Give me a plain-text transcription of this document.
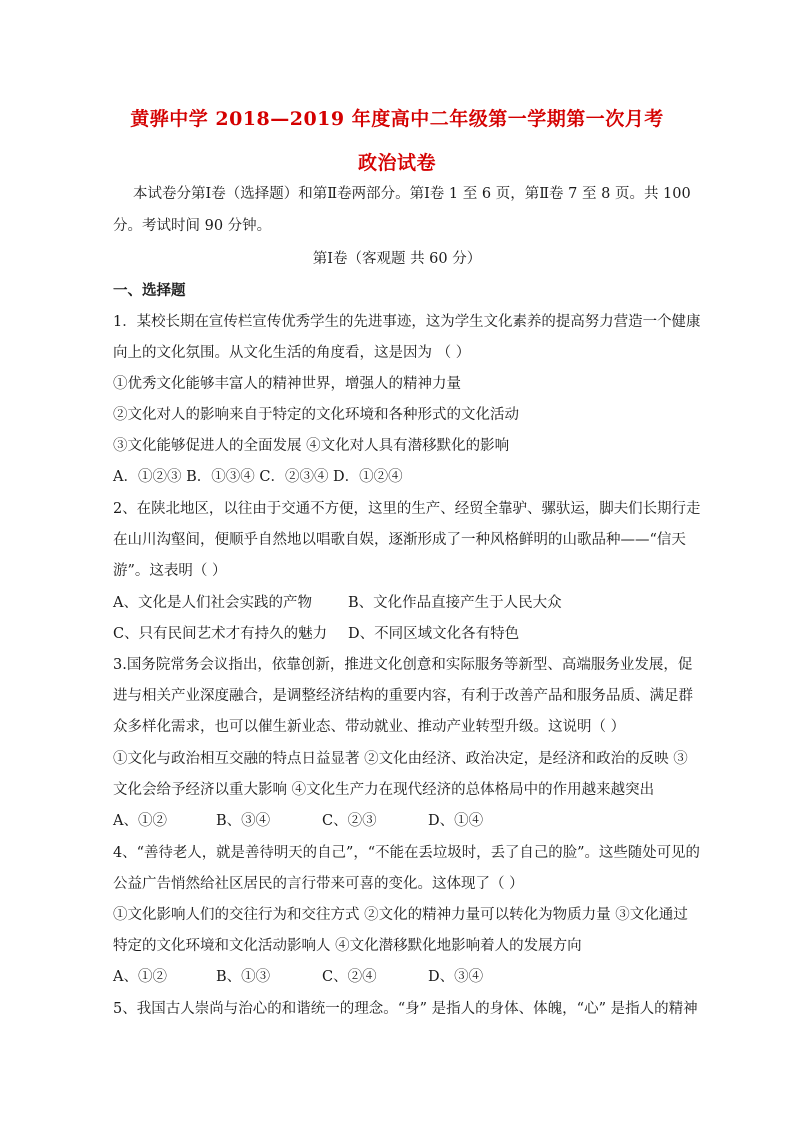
黄骅中学 2018—2019 年度高中二年级第一学期第一次月考
政治试卷
本试卷分第Ⅰ卷（选择题）和第Ⅱ卷两部分。第Ⅰ卷 1 至 6 页，第Ⅱ卷 7 至 8 页。共 100
分。考试时间 90 分钟。
第Ⅰ卷（客观题 共 60 分）
一、选择题
1．某校长期在宣传栏宣传优秀学生的先进事迹，这为学生文化素养的提高努力营造一个健康
向上的文化氛围。从文化生活的角度看，这是因为 （ ）
①优秀文化能够丰富人的精神世界，增强人的精神力量
②文化对人的影响来自于特定的文化环境和各种形式的文化活动
③文化能够促进人的全面发展 ④文化对人具有潜移默化的影响
A．①②③ B．①③④ C．②③④ D．①②④
2、在陕北地区，以往由于交通不方便，这里的生产、经贸全靠驴、骡驮运，脚夫们长期行走
在山川沟壑间，便顺乎自然地以唱歌自娱，逐渐形成了一种风格鲜明的山歌品种——“信天
游”。这表明（ ）
A、文化是人们社会实践的产物 B、文化作品直接产生于人民大众
C、只有民间艺术才有持久的魅力 D、不同区域文化各有特色
3.国务院常务会议指出，依靠创新，推进文化创意和实际服务等新型、高端服务业发展，促
进与相关产业深度融合，是调整经济结构的重要内容，有利于改善产品和服务品质、满足群
众多样化需求，也可以催生新业态、带动就业、推动产业转型升级。这说明（ ）
①文化与政治相互交融的特点日益显著 ②文化由经济、政治决定，是经济和政治的反映 ③
文化会给予经济以重大影响 ④文化生产力在现代经济的总体格局中的作用越来越突出
A、①②	B、③④	C、②③	D、①④
4、“善待老人，就是善待明天的自己”，“不能在丢垃圾时，丢了自己的脸”。这些随处可见的
公益广告悄然给社区居民的言行带来可喜的变化。这体现了（ ）
①文化影响人们的交往行为和交往方式 ②文化的精神力量可以转化为物质力量 ③文化通过
特定的文化环境和文化活动影响人 ④文化潜移默化地影响着人的发展方向
A、①②	B、①③	C、②④	D、③④
5、我国古人崇尚与治心的和谐统一的理念。“身” 是指人的身体、体魄，“心” 是指人的精神
